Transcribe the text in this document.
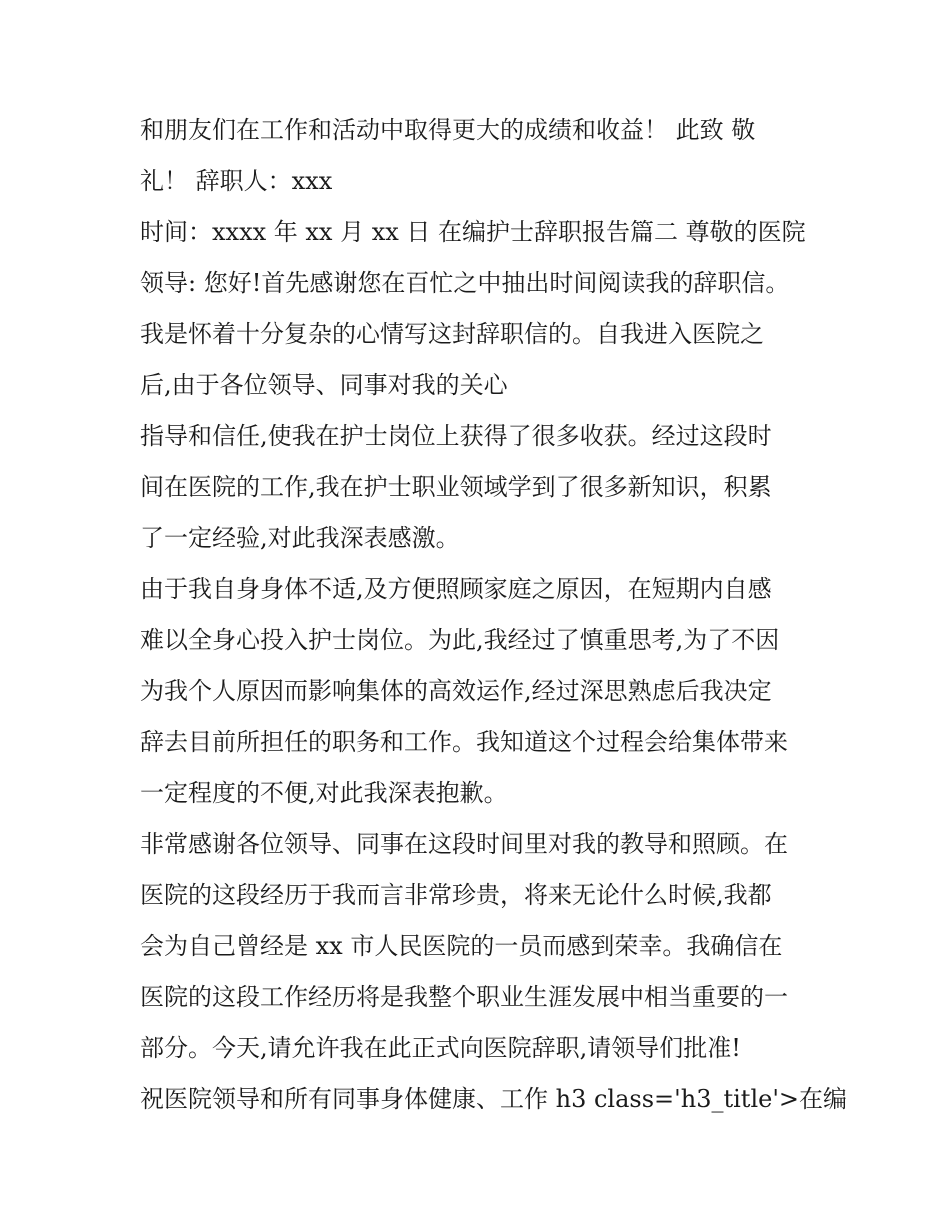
和朋友们在工作和活动中取得更大的成绩和收益！ 此致 敬
礼！ 辞职人：xxx
时间：xxxx 年 xx 月 xx 日 在编护士辞职报告篇二 尊敬的医院
领导: 您好!首先感谢您在百忙之中抽出时间阅读我的辞职信。
我是怀着十分复杂的心情写这封辞职信的。自我进入医院之
后,由于各位领导、同事对我的关心
指导和信任,使我在护士岗位上获得了很多收获。经过这段时
间在医院的工作,我在护士职业领域学到了很多新知识，积累
了一定经验,对此我深表感激。
由于我自身身体不适,及方便照顾家庭之原因，在短期内自感
难以全身心投入护士岗位。为此,我经过了慎重思考,为了不因
为我个人原因而影响集体的高效运作,经过深思熟虑后我决定
辞去目前所担任的职务和工作。我知道这个过程会给集体带来
一定程度的不便,对此我深表抱歉。
非常感谢各位领导、同事在这段时间里对我的教导和照顾。在
医院的这段经历于我而言非常珍贵，将来无论什么时候,我都
会为自己曾经是 xx 市人民医院的一员而感到荣幸。我确信在
医院的这段工作经历将是我整个职业生涯发展中相当重要的一
部分。今天,请允许我在此正式向医院辞职,请领导们批准!
祝医院领导和所有同事身体健康、工作 h3 class='h3_title'>在编
